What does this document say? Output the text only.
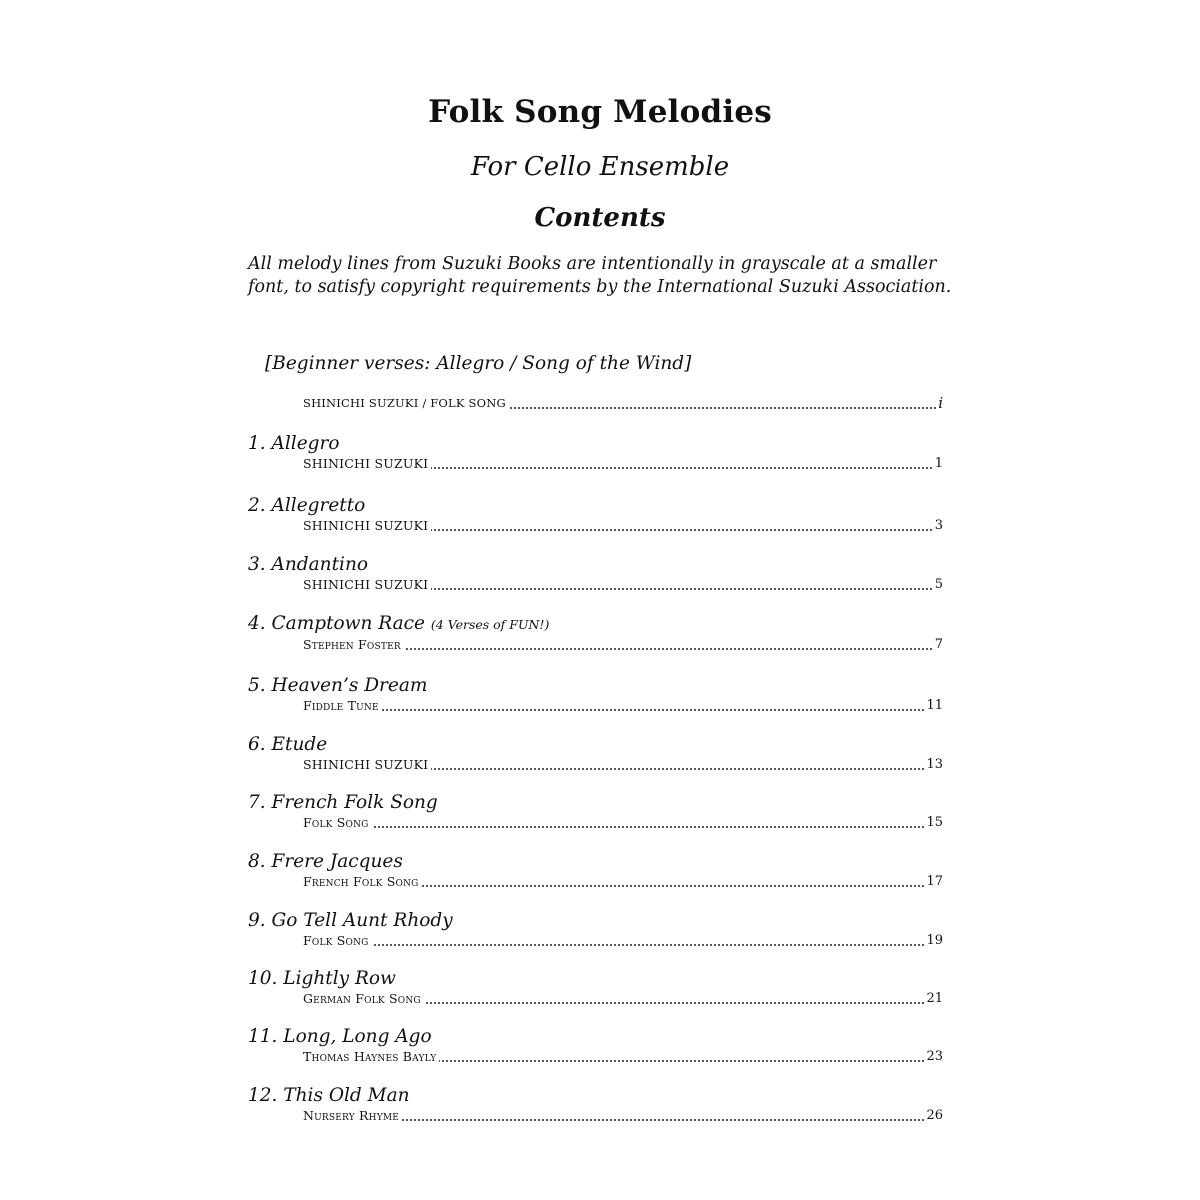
Folk Song Melodies
For Cello Ensemble
Contents
All melody lines from Suzuki Books are intentionally in grayscale at a smaller font, to satisfy copyright requirements by the International Suzuki Association.
[Beginner verses: Allegro / Song of the Wind]
SHINICHI SUZUKI / FOLK SONG	i
1. Allegro
SHINICHI SUZUKI	1
2. Allegretto
SHINICHI SUZUKI	3
3. Andantino
SHINICHI SUZUKI	5
4. Camptown Race (4 Verses of FUN!)
Stephen Foster	7
5. Heaven’s Dream
Fiddle Tune	11
6. Etude
SHINICHI SUZUKI	13
7. French Folk Song
Folk Song	15
8. Frere Jacques
French Folk Song	17
9. Go Tell Aunt Rhody
Folk Song	19
10. Lightly Row
German Folk Song	21
11. Long, Long Ago
Thomas Haynes Bayly	23
12. This Old Man
Nursery Rhyme	26
